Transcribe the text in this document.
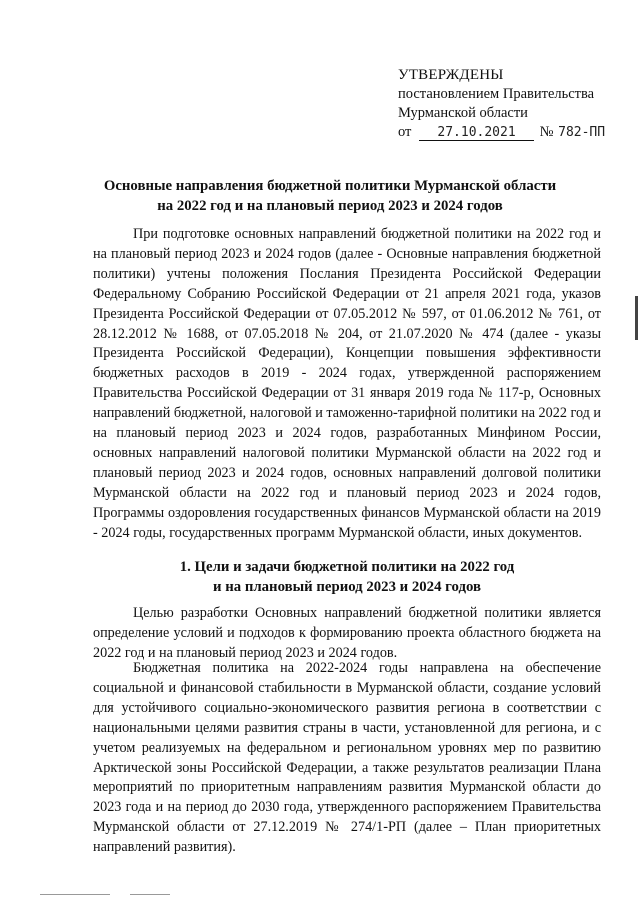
УТВЕРЖДЕНЫ
постановлением Правительства
Мурманской области
от 27.10.2021 № 782-ПП
Основные направления бюджетной политики Мурманской области
на 2022 год и на плановый период 2023 и 2024 годов

При подготовке основных направлений бюджетной политики на 2022 год и на плановый период 2023 и 2024 годов (далее - Основные направления бюджетной политики) учтены положения Послания Президента Российской Федерации Федеральному Собранию Российской Федерации от 21 апреля 2021 года, указов Президента Российской Федерации от 07.05.2012 № 597, от 01.06.2012 № 761, от 28.12.2012 № 1688, от 07.05.2018 № 204, от 21.07.2020 № 474 (далее - указы Президента Российской Федерации), Концепции повышения эффективности бюджетных расходов в 2019 - 2024 годах, утвержденной распоряжением Правительства Российской Федерации от 31 января 2019 года № 117-р, Основных направлений бюджетной, налоговой и таможенно-тарифной политики на 2022 год и на плановый период 2023 и 2024 годов, разработанных Минфином России, основных направлений налоговой политики Мурманской области на 2022 год и плановый период 2023 и 2024 годов, основных направлений долговой политики Мурманской области на 2022 год и плановый период 2023 и 2024 годов, Программы оздоровления государственных финансов Мурманской области на 2019 - 2024 годы, государственных программ Мурманской области, иных документов.

1. Цели и задачи бюджетной политики на 2022 год
и на плановый период 2023 и 2024 годов

Целью разработки Основных направлений бюджетной политики является определение условий и подходов к формированию проекта областного бюджета на 2022 год и на плановый период 2023 и 2024 годов.

Бюджетная политика на 2022-2024 годы направлена на обеспечение социальной и финансовой стабильности в Мурманской области, создание условий для устойчивого социально-экономического развития региона в соответствии с национальными целями развития страны в части, установленной для региона, и с учетом реализуемых на федеральном и региональном уровнях мер по развитию Арктической зоны Российской Федерации, а также результатов реализации Плана мероприятий по приоритетным направлениям развития Мурманской области до 2023 года и на период до 2030 года, утвержденного распоряжением Правительства Мурманской области от 27.12.2019 № 274/1-РП (далее – План приоритетных направлений развития).
